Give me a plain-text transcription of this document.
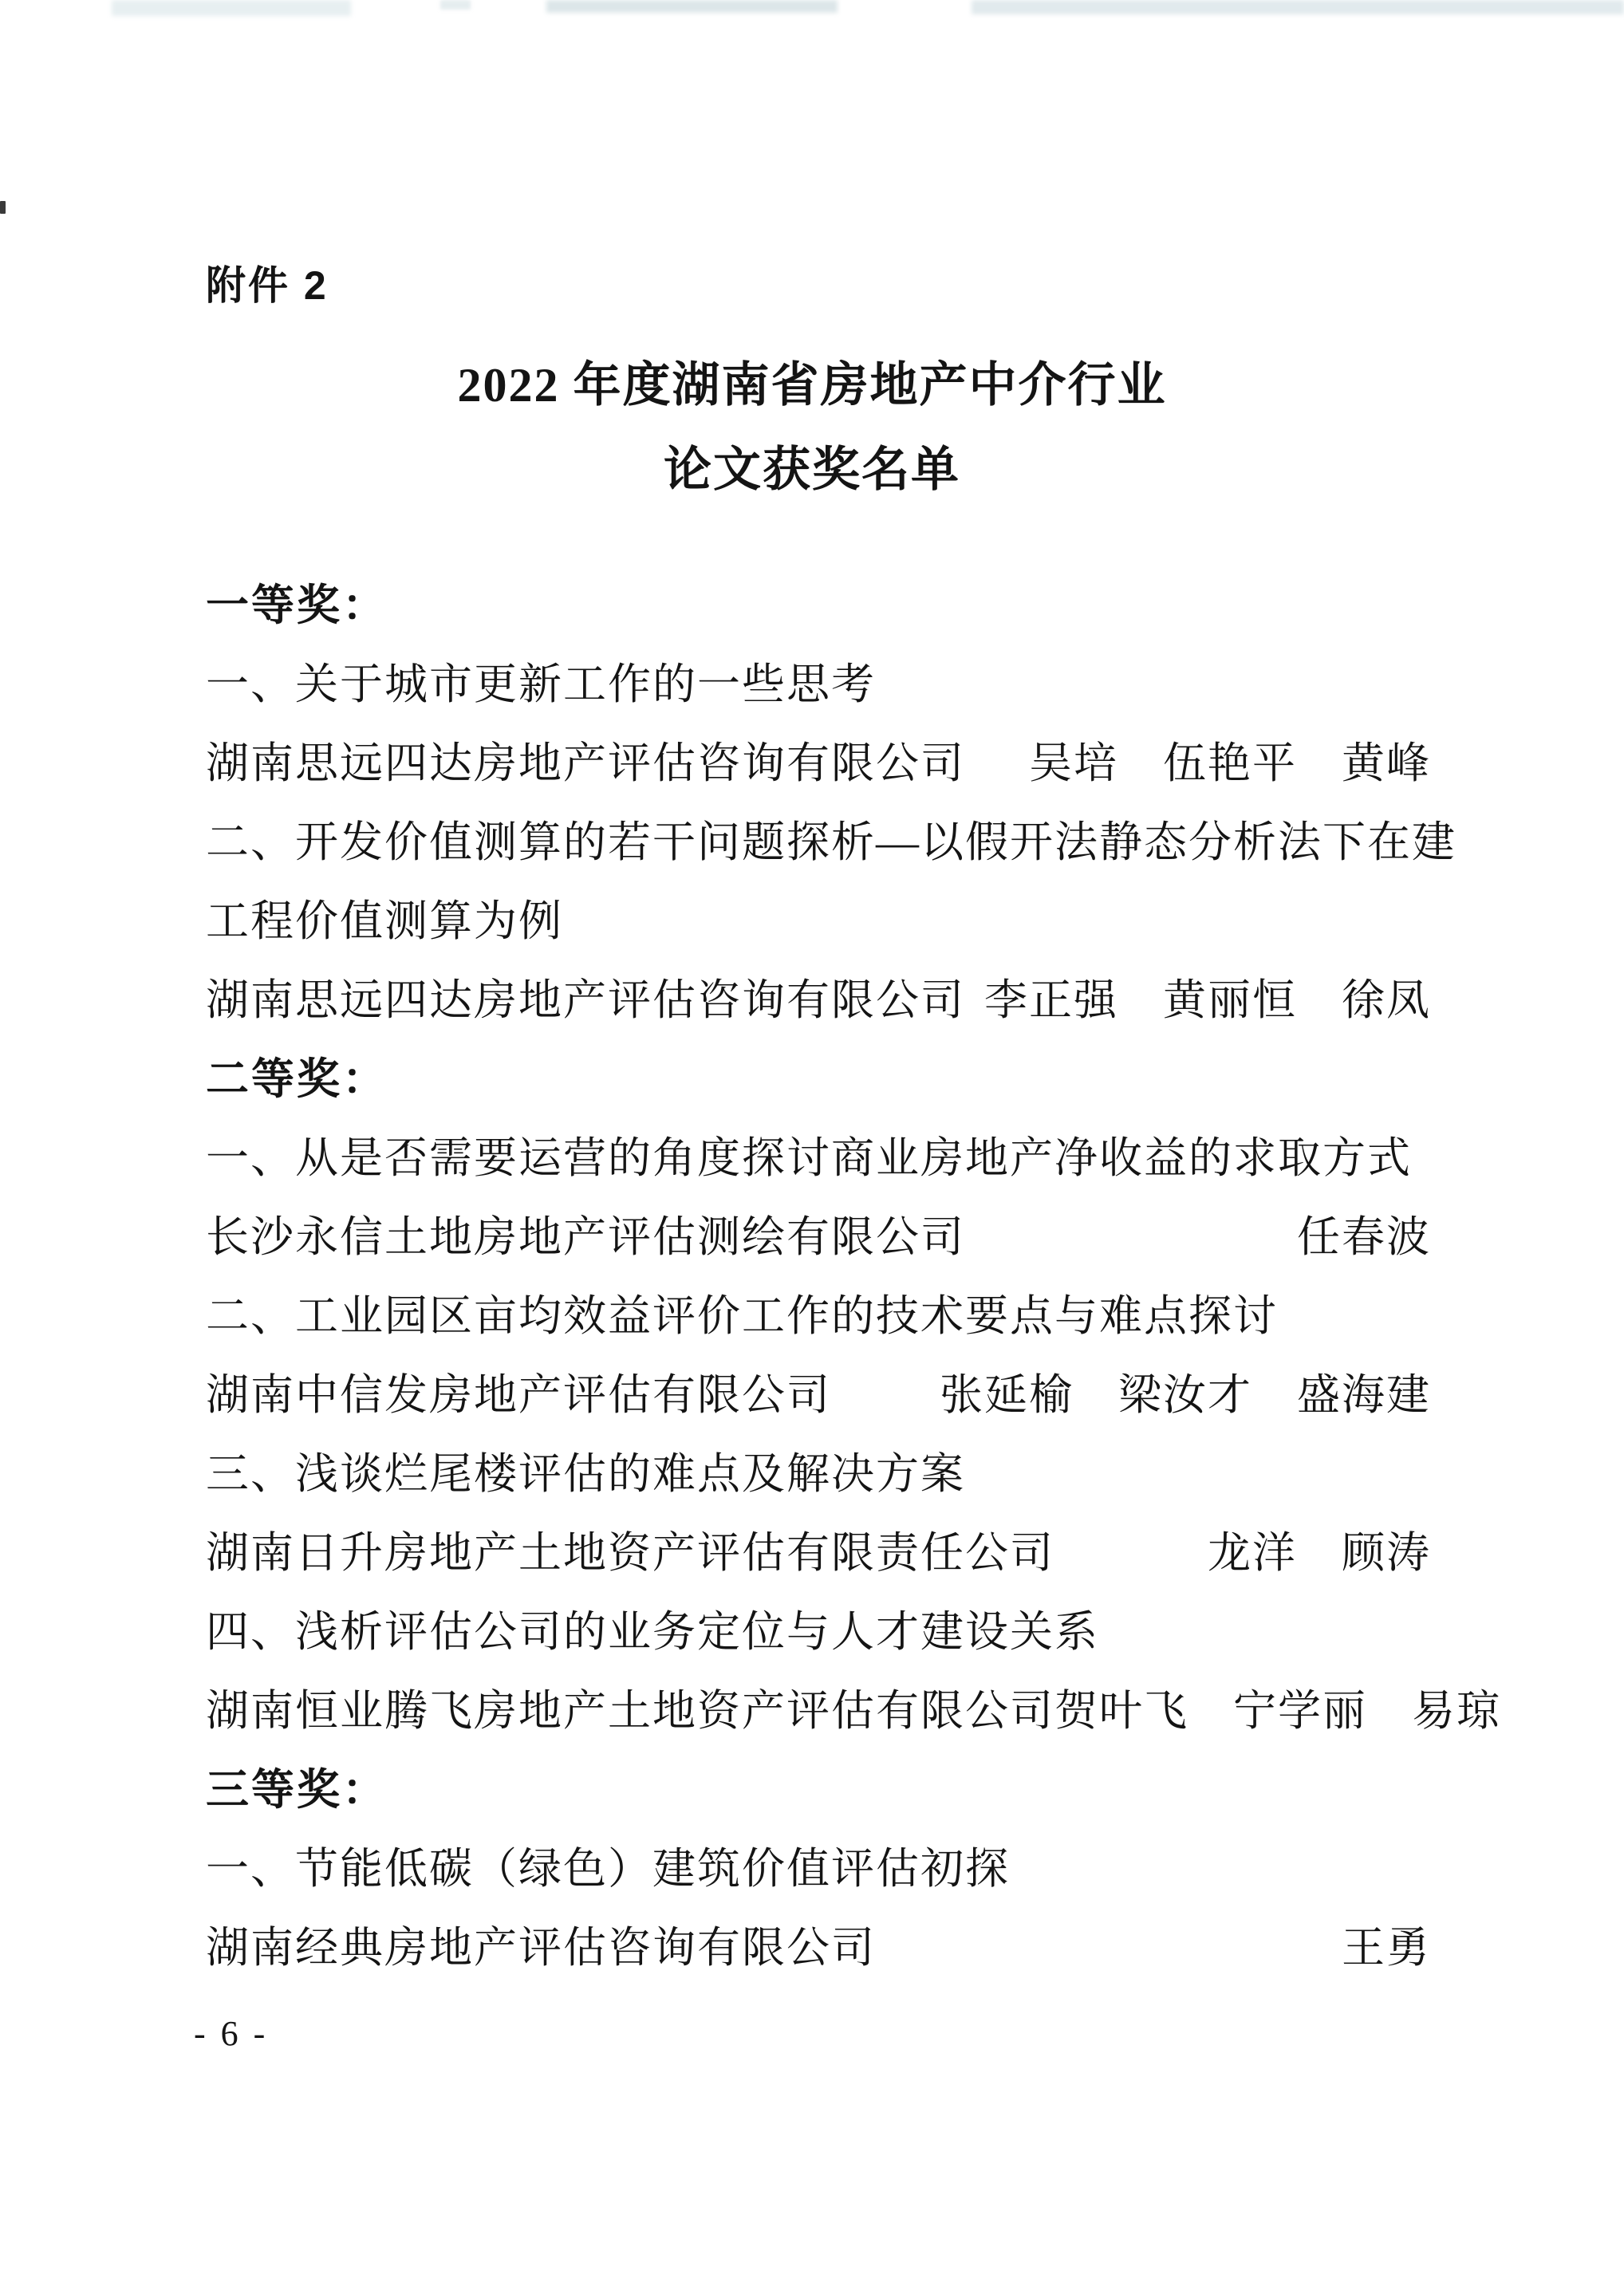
附件 2
2022 年度湖南省房地产中介行业
论文获奖名单
一等奖：
一、关于城市更新工作的一些思考
湖南思远四达房地产评估咨询有限公司 吴培　伍艳平　黄峰
二、开发价值测算的若干问题探析—以假开法静态分析法下在建
工程价值测算为例
湖南思远四达房地产评估咨询有限公司 李正强　黄丽恒　徐凤
二等奖：
一、从是否需要运营的角度探讨商业房地产净收益的求取方式
长沙永信土地房地产评估测绘有限公司	任春波
二、工业园区亩均效益评价工作的技术要点与难点探讨
湖南中信发房地产评估有限公司	张延榆　梁汝才　盛海建
三、浅谈烂尾楼评估的难点及解决方案
湖南日升房地产土地资产评估有限责任公司	龙洋　顾涛
四、浅析评估公司的业务定位与人才建设关系
湖南恒业腾飞房地产土地资产评估有限公司 贺叶飞　宁学丽　易琼
三等奖：
一、节能低碳（绿色）建筑价值评估初探
湖南经典房地产评估咨询有限公司	王勇
- 6 -
